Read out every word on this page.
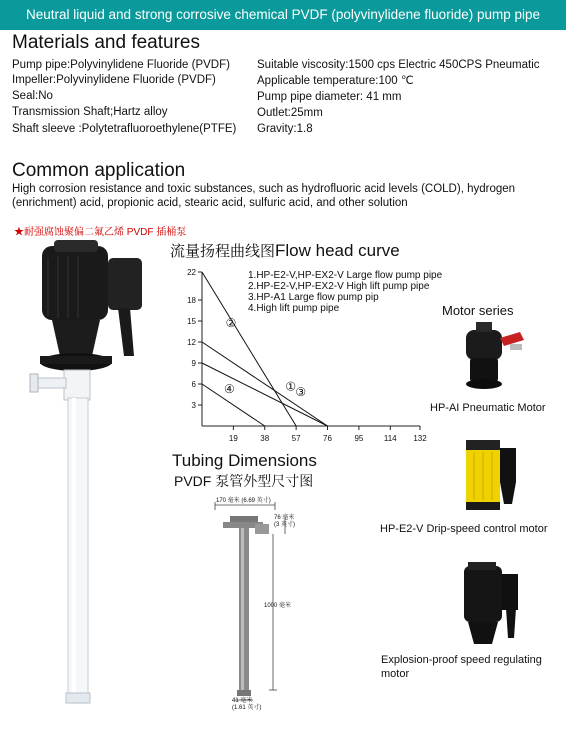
Neutral liquid and strong corrosive chemical PVDF (polyvinylidene fluoride) pump pipe
Materials and features
Pump pipe:Polyvinylidene Fluoride (PVDF)
Impeller:Polyvinylidene Fluoride (PVDF)
Seal:No
Transmission Shaft;Hartz alloy
Shaft sleeve :Polytetrafluoroethylene(PTFE)
Suitable viscosity:1500 cps Electric 450CPS Pneumatic
Applicable temperature:100 ℃
Pump pipe diameter: 41 mm
Outlet:25mm
Gravity:1.8
Common application
High corrosion resistance and toxic substances, such as hydrofluoric acid levels (COLD), hydrogen (enrichment) acid, propionic acid, stearic acid, sulfuric acid, and other solution
★耐强腐蚀聚偏二氟乙烯 PVDF 插桶泵
流量扬程曲线图Flow head curve
3
6
9
12
15
18
22
19	38	57	76	95	114 132
①
②
③
④
1.HP-E2-V,HP-EX2-V Large flow pump pipe
2.HP-E2-V,HP-EX2-V High lift pump pipe
3.HP-A1 Large flow pump pip
4.High lift pump pipe	Motor series
HP-AI Pneumatic Motor
HP-E2-V Drip-speed control motor
Explosion-proof speed regulating motor
Tubing Dimensions
PVDF 泵管外型尺寸图
170 毫米 (6.69 英寸)
76 毫米
(3 英寸)
1000 毫米
41 毫米
(1.61 英寸)
